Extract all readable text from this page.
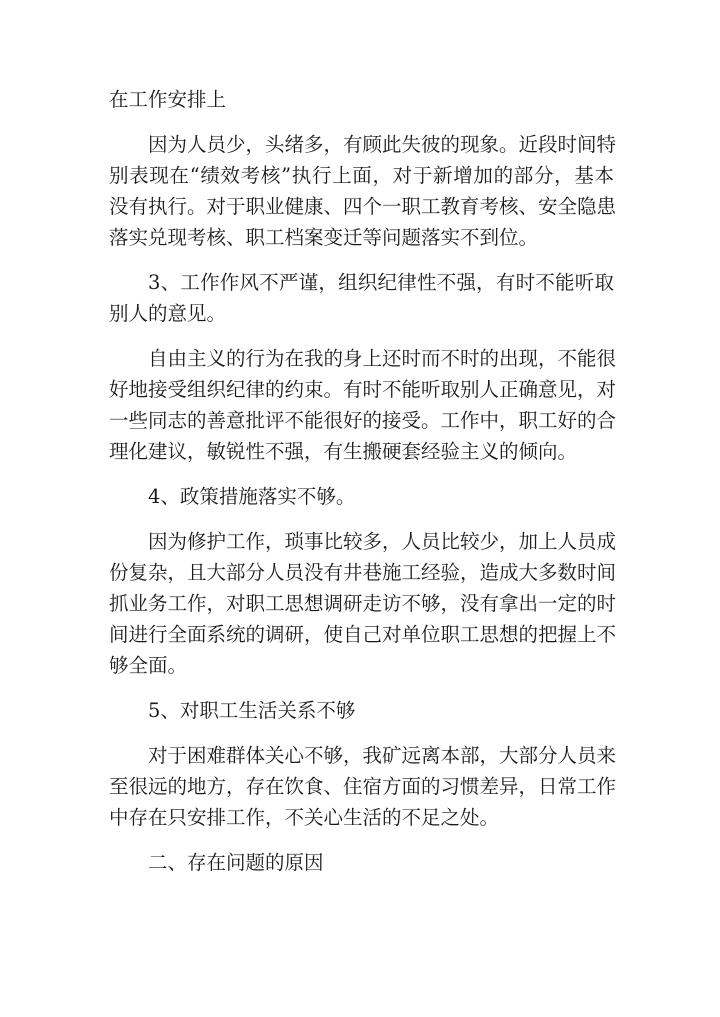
在工作安排上

因为人员少，头绪多，有顾此失彼的现象。近段时间特
别表现在“绩效考核”执行上面，对于新增加的部分，基本
没有执行。对于职业健康、四个一职工教育考核、安全隐患
落实兑现考核、职工档案变迁等问题落实不到位。

3、工作作风不严谨，组织纪律性不强，有时不能听取
别人的意见。

自由主义的行为在我的身上还时而不时的出现，不能很
好地接受组织纪律的约束。有时不能听取别人正确意见，对
一些同志的善意批评不能很好的接受。工作中，职工好的合
理化建议，敏锐性不强，有生搬硬套经验主义的倾向。

4、政策措施落实不够。

因为修护工作，琐事比较多，人员比较少，加上人员成
份复杂，且大部分人员没有井巷施工经验，造成大多数时间
抓业务工作，对职工思想调研走访不够，没有拿出一定的时
间进行全面系统的调研，使自己对单位职工思想的把握上不
够全面。

5、对职工生活关系不够

对于困难群体关心不够，我矿远离本部，大部分人员来
至很远的地方，存在饮食、住宿方面的习惯差异，日常工作
中存在只安排工作，不关心生活的不足之处。

二、存在问题的原因
